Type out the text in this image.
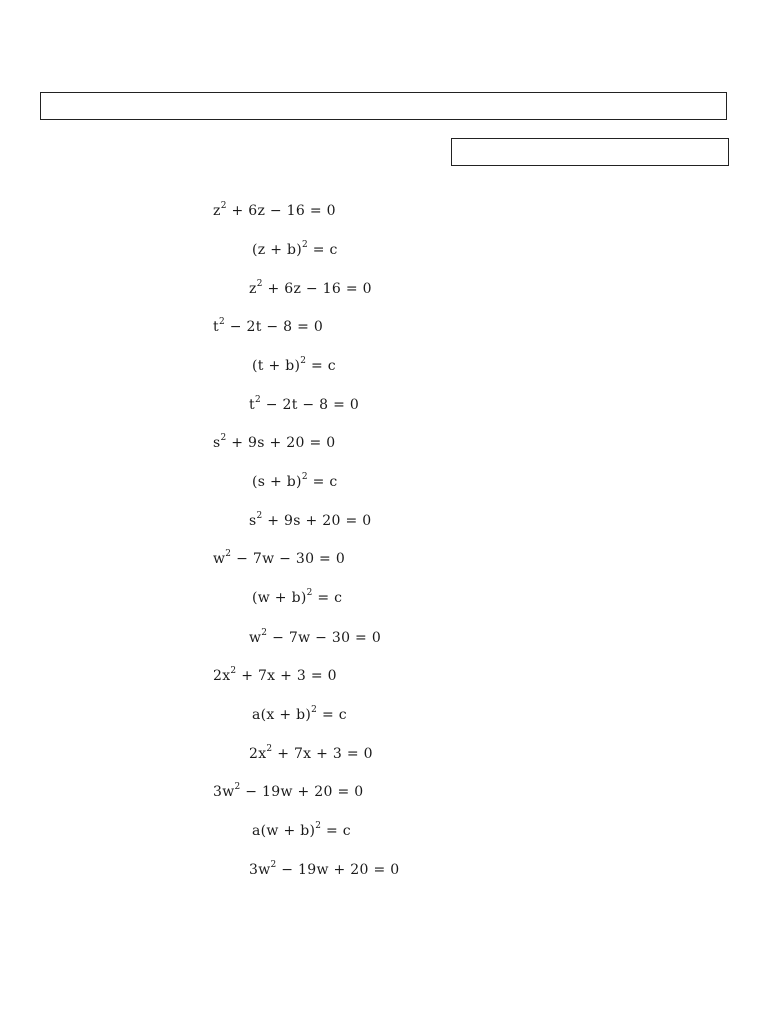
$z^2 + 6z - 16 = 0$
$(z + b)^2 = c$
$z^2 + 6z - 16 = 0$
$t^2 - 2t - 8 = 0$
$(t + b)^2 = c$
$t^2 - 2t - 8 = 0$
$s^2 + 9s + 20 = 0$
$(s + b)^2 = c$
$s^2 + 9s + 20 = 0$
$w^2 - 7w - 30 = 0$
$(w + b)^2 = c$
$w^2 - 7w - 30 = 0$
$2x^2 + 7x + 3 = 0$
$a(x + b)^2 = c$
$2x^2 + 7x + 3 = 0$
$3w^2 - 19w + 20 = 0$
$a(w + b)^2 = c$
$3w^2 - 19w + 20 = 0$
